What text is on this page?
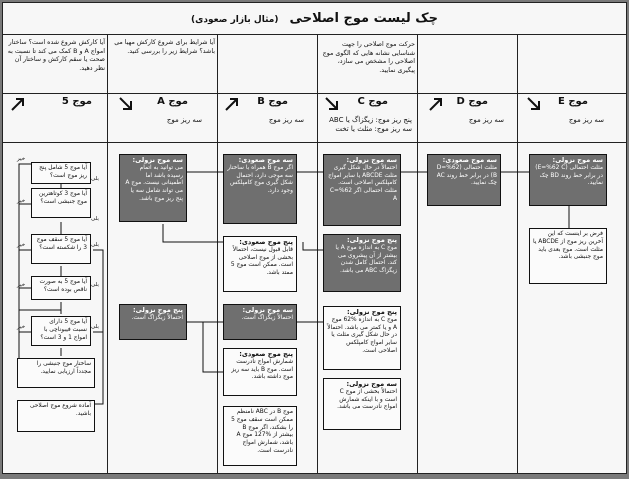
چک لیست موج اصلاحی (مثال بازار صعودی)
آیا کارکش شروع شده است؟ ساختار امواج A و B کمک می کند تا نسبت به صحت یا سقم کارکش و ساختار آن نظر دهید.
آیا شرایط برای شروع کارکش مهیا می باشد؟ شرایط زیر را بررسی کنید.
حرکت موج اصلاحی را جهت شناسایی نشانه هایی که الگوی موج اصلاحی را مشخص می سازد، پیگیری نمایید.
موج 5	موج A
سه ریز موج
موج B
سه ریز موج
موج C
پنج ریز موج: زیگزاگ یا ABC
سه ریز موج: مثلث یا تخت
موج D
سه ریز موج
موج E
سه ریز موج
آیا موج 5 شامل پنج ریز موج است؟
آیا موج 3 کوتاهترین موج جنبشی است؟
آیا موج 5 سقف موج 3 را شکسته است؟
آیا موج 5 به صورت ناقص بوده است؟
آیا موج 5 دارای نسبت فیبوناچی با امواج 1 و 3 است؟
ساختار موج جنبشی را مجدداً ارزیابی نمایید.
آماده شروع موج اصلاحی باشید.
بلی
خیر
بلی
خیر
بلی
خیر
بلی
خیر
بلی
خیر
سه موج نزولی:
می توانید به اتمام رسیده باشد اما اطمینانی نیست. موج A می تواند شامل سه یا پنج ریز موج باشد.
پنج موج نزولی:
احتمالاً زیگزاگ است.
سه موج صعودی:
اگر موج B همراه با ساختار سه موجی دارد، احتمال شکل گیری موج کامپلکس وجود دارد.
پنج موج صعودی:
قابل قبول نیست، احتمالاً بخشی از موج اصلاحی است. ممکن است موج 5 ممتد باشد.
سه موج نزولی:
احتمالاً زیگزاگ است.
پنج موج صعودی:
شمارش امواج نادرست است. موج B باید سه ریز موج داشته باشد.
موج B در ABC نامنظم ممکن است سقف موج 5 را بشکند، اگر موج B بیشتر از %127 موج A باشد، شمارش امواج نادرست است.
سه موج نزولی:
احتمالاً در حال شکل گیری مثلث ABCDE یا سایر امواج کامپلکس اصلاحی است. مثلث احتمالی اگر C=%62 A
پنج موج نزولی:
موج C به اندازه موج A یا بیشتر از آن پیشروی می کند. احتمال کامل شدن زیگزاگ ABC می باشد.
پنج موج نزولی:
موج C به اندازه %62 موج A و یا کمتر می باشد. احتمالاً در حال شکل گیری مثلث یا سایر امواج کامپلکس اصلاحی است.
سه موج نزولی:
احتمالاً بخشی از موج C است و با اینکه شمارش امواج نادرست می باشد.
سه موج صعودی:
مثلث احتمالی (D=%62 B) در برابر خط روند AC چک نمایید.
سه موج نزولی:
مثلث احتمالی (E=%62 C) در برابر خط روند BD چک نمایید.
فرض بر اینست که این آخرین ریز موج از ABCDE یا مثلث است. موج بعدی باید موج جنبشی باشد.
